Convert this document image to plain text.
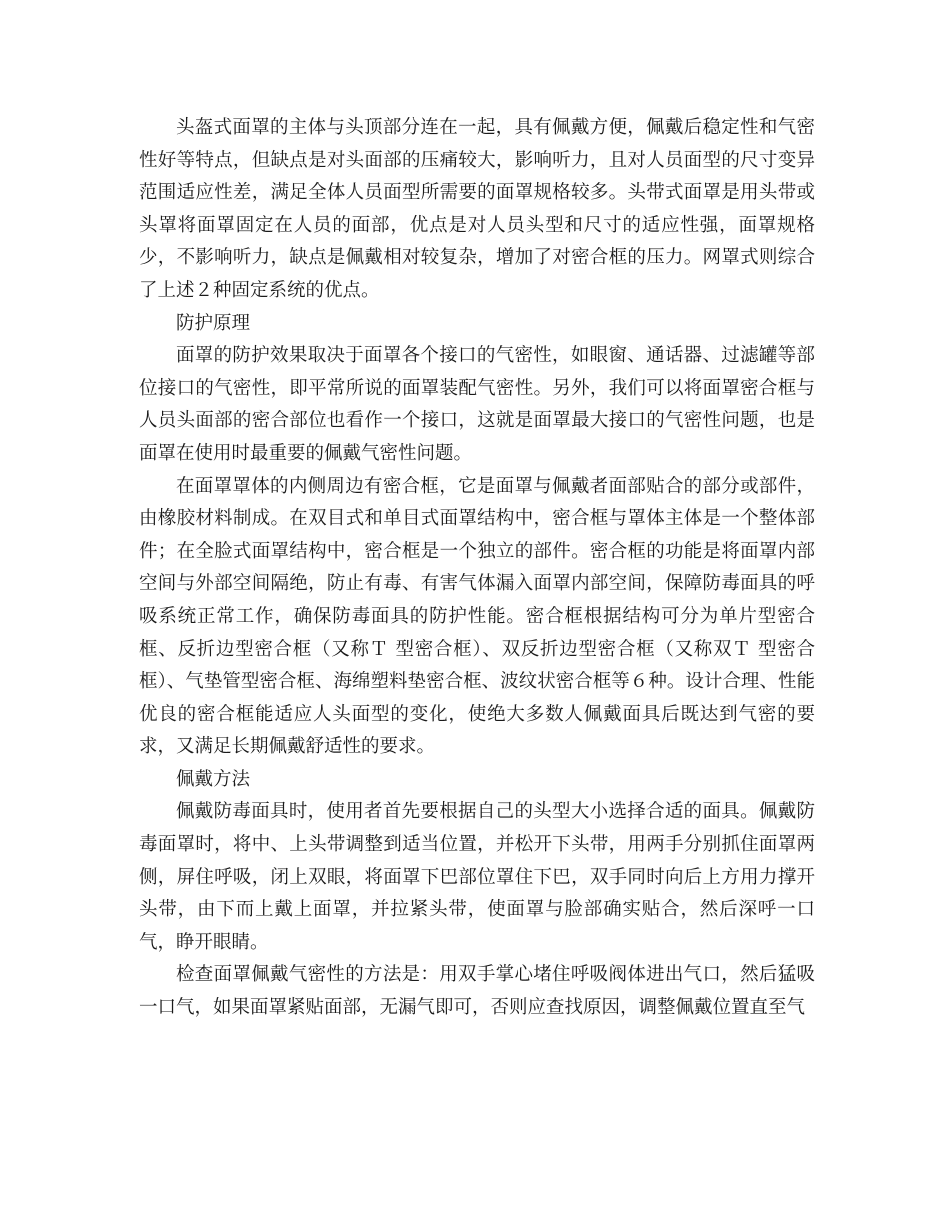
头盔式面罩的主体与头顶部分连在一起，具有佩戴方便，佩戴后稳定性和气密性好等特点，但缺点是对头面部的压痛较大，影响听力，且对人员面型的尺寸变异范围适应性差，满足全体人员面型所需要的面罩规格较多。头带式面罩是用头带或头罩将面罩固定在人员的面部，优点是对人员头型和尺寸的适应性强，面罩规格少，不影响听力，缺点是佩戴相对较复杂，增加了对密合框的压力。网罩式则综合了上述２种固定系统的优点。

防护原理

面罩的防护效果取决于面罩各个接口的气密性，如眼窗、通话器、过滤罐等部位接口的气密性，即平常所说的面罩装配气密性。另外，我们可以将面罩密合框与人员头面部的密合部位也看作一个接口，这就是面罩最大接口的气密性问题，也是面罩在使用时最重要的佩戴气密性问题。

在面罩罩体的内侧周边有密合框，它是面罩与佩戴者面部贴合的部分或部件，由橡胶材料制成。在双目式和单目式面罩结构中，密合框与罩体主体是一个整体部件；在全脸式面罩结构中，密合框是一个独立的部件。密合框的功能是将面罩内部空间与外部空间隔绝，防止有毒、有害气体漏入面罩内部空间，保障防毒面具的呼吸系统正常工作，确保防毒面具的防护性能。密合框根据结构可分为单片型密合框、反折边型密合框（又称Ｔ 型密合框）、双反折边型密合框（又称双Ｔ 型密合框）、气垫管型密合框、海绵塑料垫密合框、波纹状密合框等６种。设计合理、性能优良的密合框能适应人头面型的变化，使绝大多数人佩戴面具后既达到气密的要求，又满足长期佩戴舒适性的要求。

佩戴方法

佩戴防毒面具时，使用者首先要根据自己的头型大小选择合适的面具。佩戴防毒面罩时，将中、上头带调整到适当位置，并松开下头带，用两手分别抓住面罩两侧，屏住呼吸，闭上双眼，将面罩下巴部位罩住下巴，双手同时向后上方用力撑开头带，由下而上戴上面罩，并拉紧头带，使面罩与脸部确实贴合，然后深呼一口气，睁开眼睛。

检查面罩佩戴气密性的方法是：用双手掌心堵住呼吸阀体进出气口，然后猛吸一口气，如果面罩紧贴面部，无漏气即可，否则应查找原因，调整佩戴位置直至气
